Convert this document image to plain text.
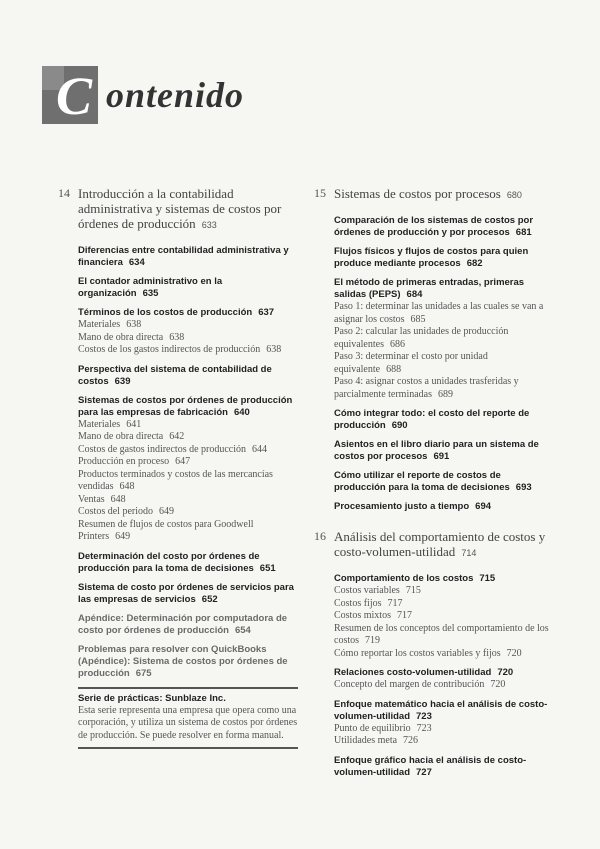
C ontenido
14 Introducción a la contabilidad administrativa y sistemas de costos por órdenes de producción 633
Diferencias entre contabilidad administrativa y financiera 634
El contador administrativo en la organización 635
Términos de los costos de producción 637
Materiales 638
Mano de obra directa 638
Costos de los gastos indirectos de producción 638
Perspectiva del sistema de contabilidad de costos 639
Sistemas de costos por órdenes de producción para las empresas de fabricación 640
Materiales 641
Mano de obra directa 642
Costos de gastos indirectos de producción 644
Producción en proceso 647
Productos terminados y costos de las mercancías vendidas 648
Ventas 648
Costos del periodo 649
Resumen de flujos de costos para Goodwell Printers 649
Determinación del costo por órdenes de producción para la toma de decisiones 651
Sistema de costo por órdenes de servicios para las empresas de servicios 652
Apéndice: Determinación por computadora de costo por órdenes de producción 654
Problemas para resolver con QuickBooks (Apéndice): Sistema de costos por órdenes de producción 675
Serie de prácticas: Sunblaze Inc.
Esta serie representa una empresa que opera como una corporación, y utiliza un sistema de costos por órdenes de producción. Se puede resolver en forma manual.
15 Sistemas de costos por procesos 680
Comparación de los sistemas de costos por órdenes de producción y por procesos 681
Flujos físicos y flujos de costos para quien produce mediante procesos 682
El método de primeras entradas, primeras salidas (PEPS) 684
Paso 1: determinar las unidades a las cuales se van a asignar los costos 685
Paso 2: calcular las unidades de producción equivalentes 686
Paso 3: determinar el costo por unidad equivalente 688
Paso 4: asignar costos a unidades trasferidas y parcialmente terminadas 689
Cómo integrar todo: el costo del reporte de producción 690
Asientos en el libro diario para un sistema de costos por procesos 691
Cómo utilizar el reporte de costos de producción para la toma de decisiones 693
Procesamiento justo a tiempo 694
16 Análisis del comportamiento de costos y costo-volumen-utilidad 714
Comportamiento de los costos 715
Costos variables 715
Costos fijos 717
Costos mixtos 717
Resumen de los conceptos del comportamiento de los costos 719
Cómo reportar los costos variables y fijos 720
Relaciones costo-volumen-utilidad 720
Concepto del margen de contribución 720
Enfoque matemático hacia el análisis de costo-volumen-utilidad 723
Punto de equilibrio 723
Utilidades meta 726
Enfoque gráfico hacia el análisis de costo-volumen-utilidad 727
